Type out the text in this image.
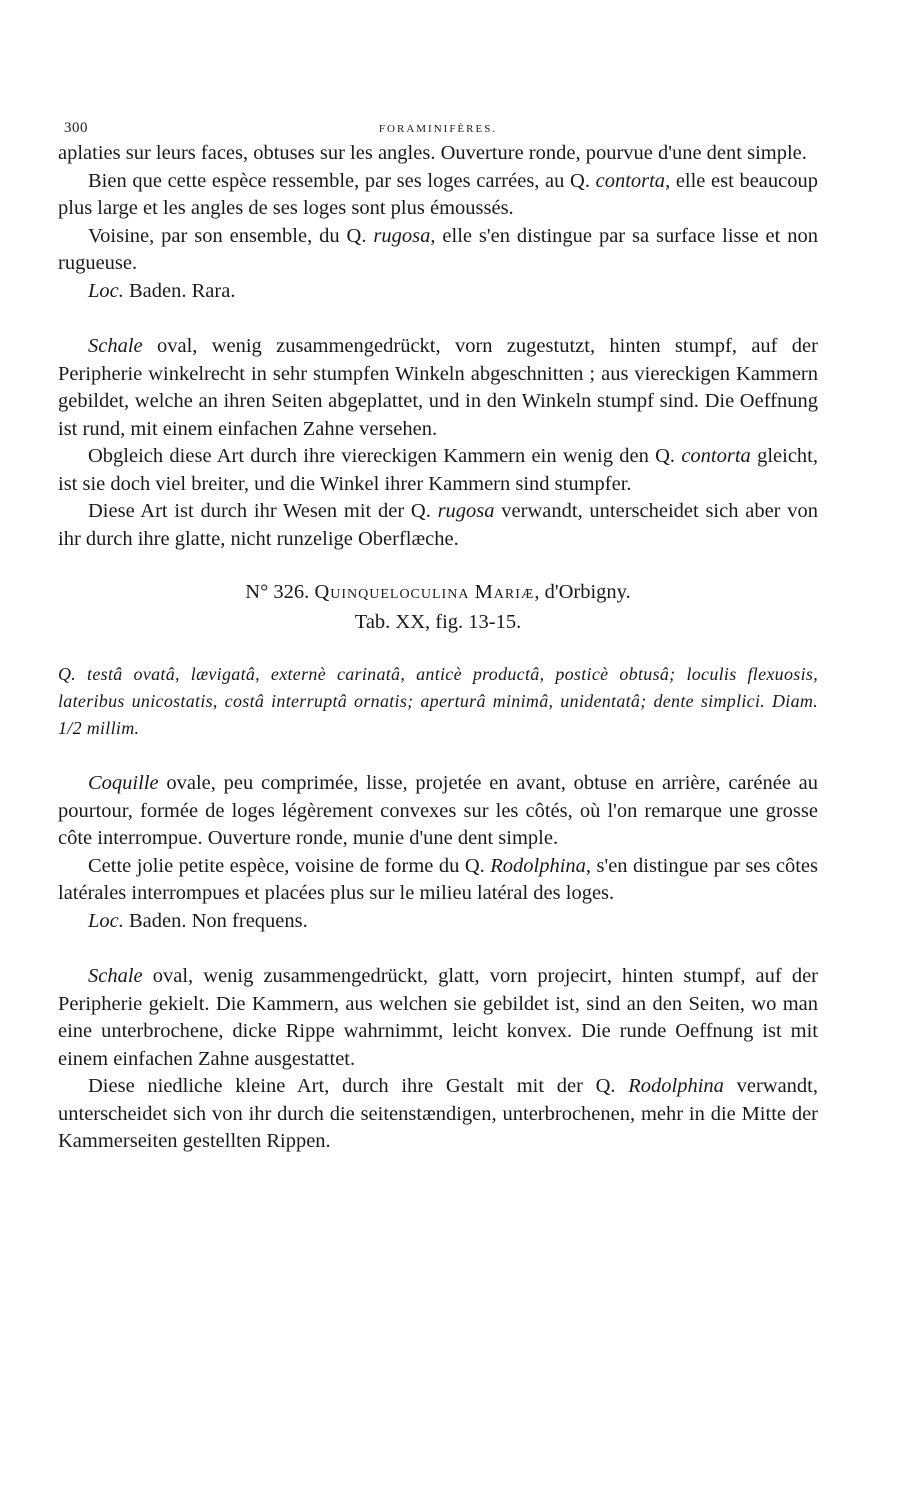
300	FORAMINIFÈRES.

aplaties sur leurs faces, obtuses sur les angles. Ouverture ronde, pourvue d'une dent simple.

Bien que cette espèce ressemble, par ses loges carrées, au Q. contorta, elle est beaucoup plus large et les angles de ses loges sont plus émoussés.

Voisine, par son ensemble, du Q. rugosa, elle s'en distingue par sa surface lisse et non rugueuse.

Loc. Baden. Rara.

Schale oval, wenig zusammengedrückt, vorn zugestutzt, hinten stumpf, auf der Peripherie winkelrecht in sehr stumpfen Winkeln abgeschnitten ; aus viereckigen Kammern gebildet, welche an ihren Seiten abgeplattet, und in den Winkeln stumpf sind. Die Oeffnung ist rund, mit einem einfachen Zahne versehen.

Obgleich diese Art durch ihre viereckigen Kammern ein wenig den Q. contorta gleicht, ist sie doch viel breiter, und die Winkel ihrer Kammern sind stumpfer.

Diese Art ist durch ihr Wesen mit der Q. rugosa verwandt, unterscheidet sich aber von ihr durch ihre glatte, nicht runzelige Oberflæche.

N° 326. Quinqueloculina Mariæ, d'Orbigny.

Tab. XX, fig. 13-15.

Q. testâ ovatâ, lævigatâ, externè carinatâ, anticè productâ, posticè obtusâ; loculis flexuosis, lateribus unicostatis, costâ interruptâ ornatis; aperturâ minimâ, unidentatâ; dente simplici. Diam. 1/2 millim.

Coquille ovale, peu comprimée, lisse, projetée en avant, obtuse en arrière, carénée au pourtour, formée de loges légèrement convexes sur les côtés, où l'on remarque une grosse côte interrompue. Ouverture ronde, munie d'une dent simple.

Cette jolie petite espèce, voisine de forme du Q. Rodolphina, s'en distingue par ses côtes latérales interrompues et placées plus sur le milieu latéral des loges.

Loc. Baden. Non frequens.

Schale oval, wenig zusammengedrückt, glatt, vorn projecirt, hinten stumpf, auf der Peripherie gekielt. Die Kammern, aus welchen sie gebildet ist, sind an den Seiten, wo man eine unterbrochene, dicke Rippe wahrnimmt, leicht konvex. Die runde Oeffnung ist mit einem einfachen Zahne ausgestattet.

Diese niedliche kleine Art, durch ihre Gestalt mit der Q. Rodolphina verwandt, unterscheidet sich von ihr durch die seitenstændigen, unterbrochenen, mehr in die Mitte der Kammerseiten gestellten Rippen.
